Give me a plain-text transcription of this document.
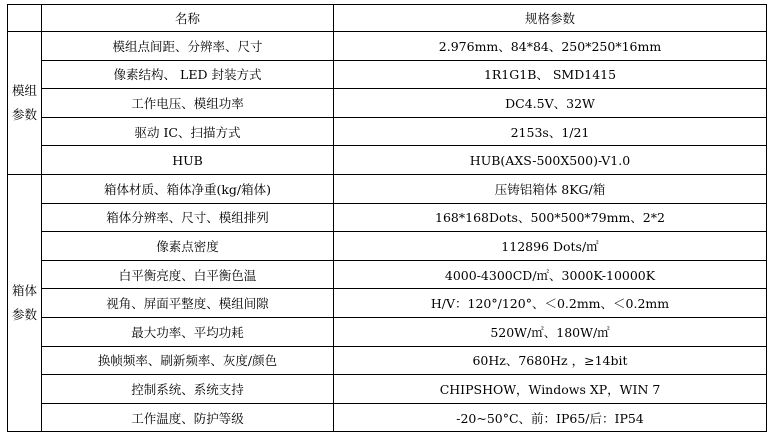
	名称	规格参数
模组参数	模组点间距、分辨率、尺寸	2.976mm、84*84、250*250*16mm
	像素结构、 LED 封装方式	1R1G1B、 SMD1415
	工作电压、模组功率	DC4.5V、32W
	驱动 IC、扫描方式	2153s、1/21
	HUB	HUB(AXS-500X500)-V1.0
箱体参数	箱体材质、箱体净重(kg/箱体)	压铸铝箱体 8KG/箱
	箱体分辨率、尺寸、模组排列	168*168Dots、500*500*79mm、2*2
	像素点密度	112896 Dots/㎡
	白平衡亮度、白平衡色温	4000-4300CD/㎡、3000K-10000K
	视角、屏面平整度、模组间隙	H/V：120°/120°、＜0.2mm、＜0.2mm
	最大功率、平均功耗	520W/㎡、180W/㎡
	换帧频率、刷新频率、灰度/颜色	60Hz、7680Hz ，≥14bit
	控制系统、系统支持	CHIPSHOW，Windows XP，WIN 7
	工作温度、防护等级	-20~50°C、前：IP65/后：IP54
